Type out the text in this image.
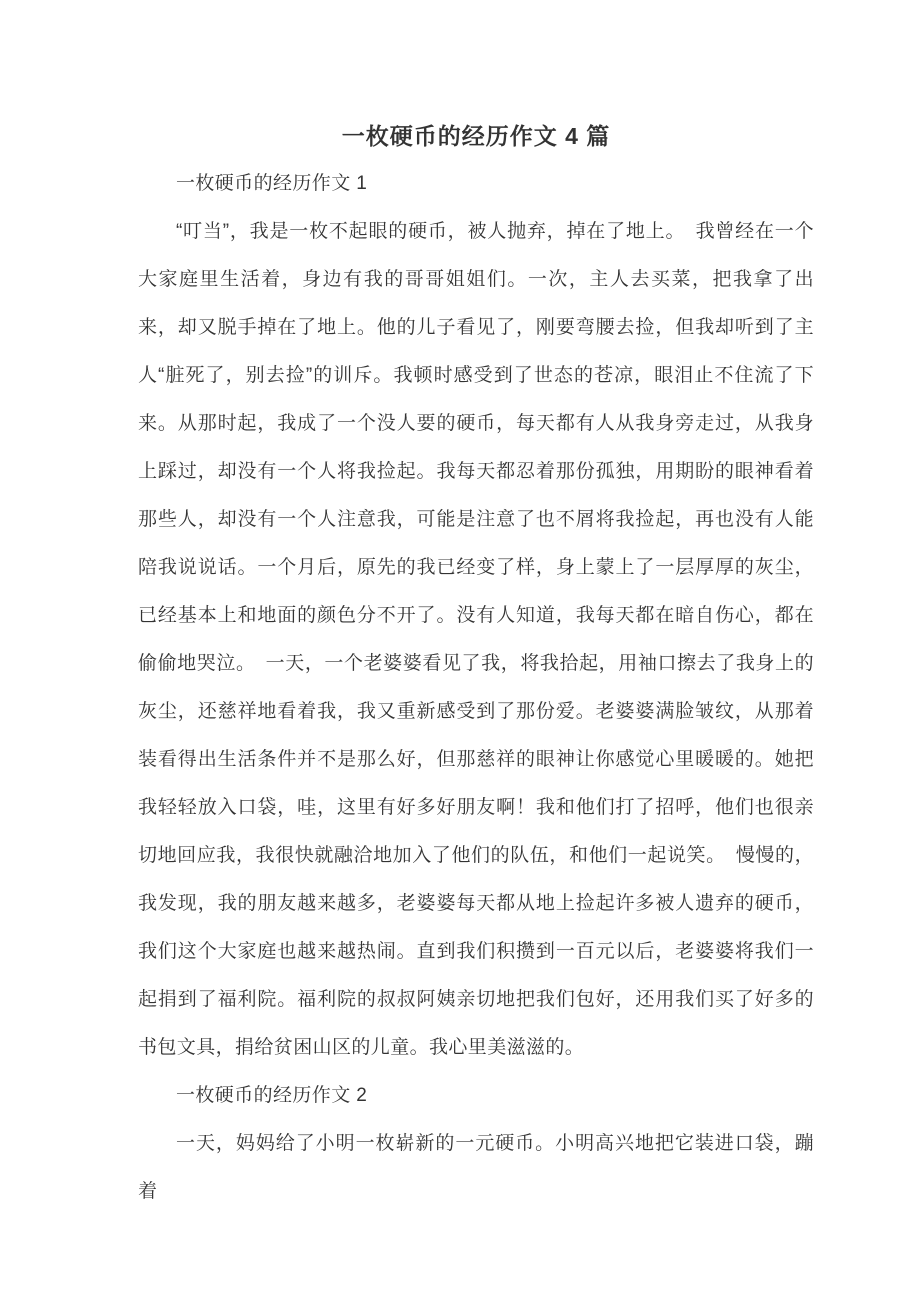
一枚硬币的经历作文 4 篇
一枚硬币的经历作文 1

“叮当”，我是一枚不起眼的硬币，被人抛弃，掉在了地上。　我曾经在一个大家庭里生活着，身边有我的哥哥姐姐们。一次，主人去买菜，把我拿了出来，却又脱手掉在了地上。他的儿子看见了，刚要弯腰去捡，但我却听到了主人“脏死了，别去捡”的训斥。我顿时感受到了世态的苍凉，眼泪止不住流了下来。从那时起，我成了一个没人要的硬币，每天都有人从我身旁走过，从我身上踩过，却没有一个人将我捡起。我每天都忍着那份孤独，用期盼的眼神看着那些人，却没有一个人注意我，可能是注意了也不屑将我捡起，再也没有人能陪我说说话。一个月后，原先的我已经变了样，身上蒙上了一层厚厚的灰尘，已经基本上和地面的颜色分不开了。没有人知道，我每天都在暗自伤心，都在偷偷地哭泣。　一天，一个老婆婆看见了我，将我拾起，用袖口擦去了我身上的灰尘，还慈祥地看着我，我又重新感受到了那份爱。老婆婆满脸皱纹，从那着装看得出生活条件并不是那么好，但那慈祥的眼神让你感觉心里暖暖的。她把我轻轻放入口袋，哇，这里有好多好朋友啊！我和他们打了招呼，他们也很亲切地回应我，我很快就融洽地加入了他们的队伍，和他们一起说笑。　慢慢的，我发现，我的朋友越来越多，老婆婆每天都从地上捡起许多被人遗弃的硬币，我们这个大家庭也越来越热闹。直到我们积攒到一百元以后，老婆婆将我们一起捐到了福利院。福利院的叔叔阿姨亲切地把我们包好，还用我们买了好多的书包文具，捐给贫困山区的儿童。我心里美滋滋的。

一枚硬币的经历作文 2

一天，妈妈给了小明一枚崭新的一元硬币。小明高兴地把它装进口袋，蹦着
